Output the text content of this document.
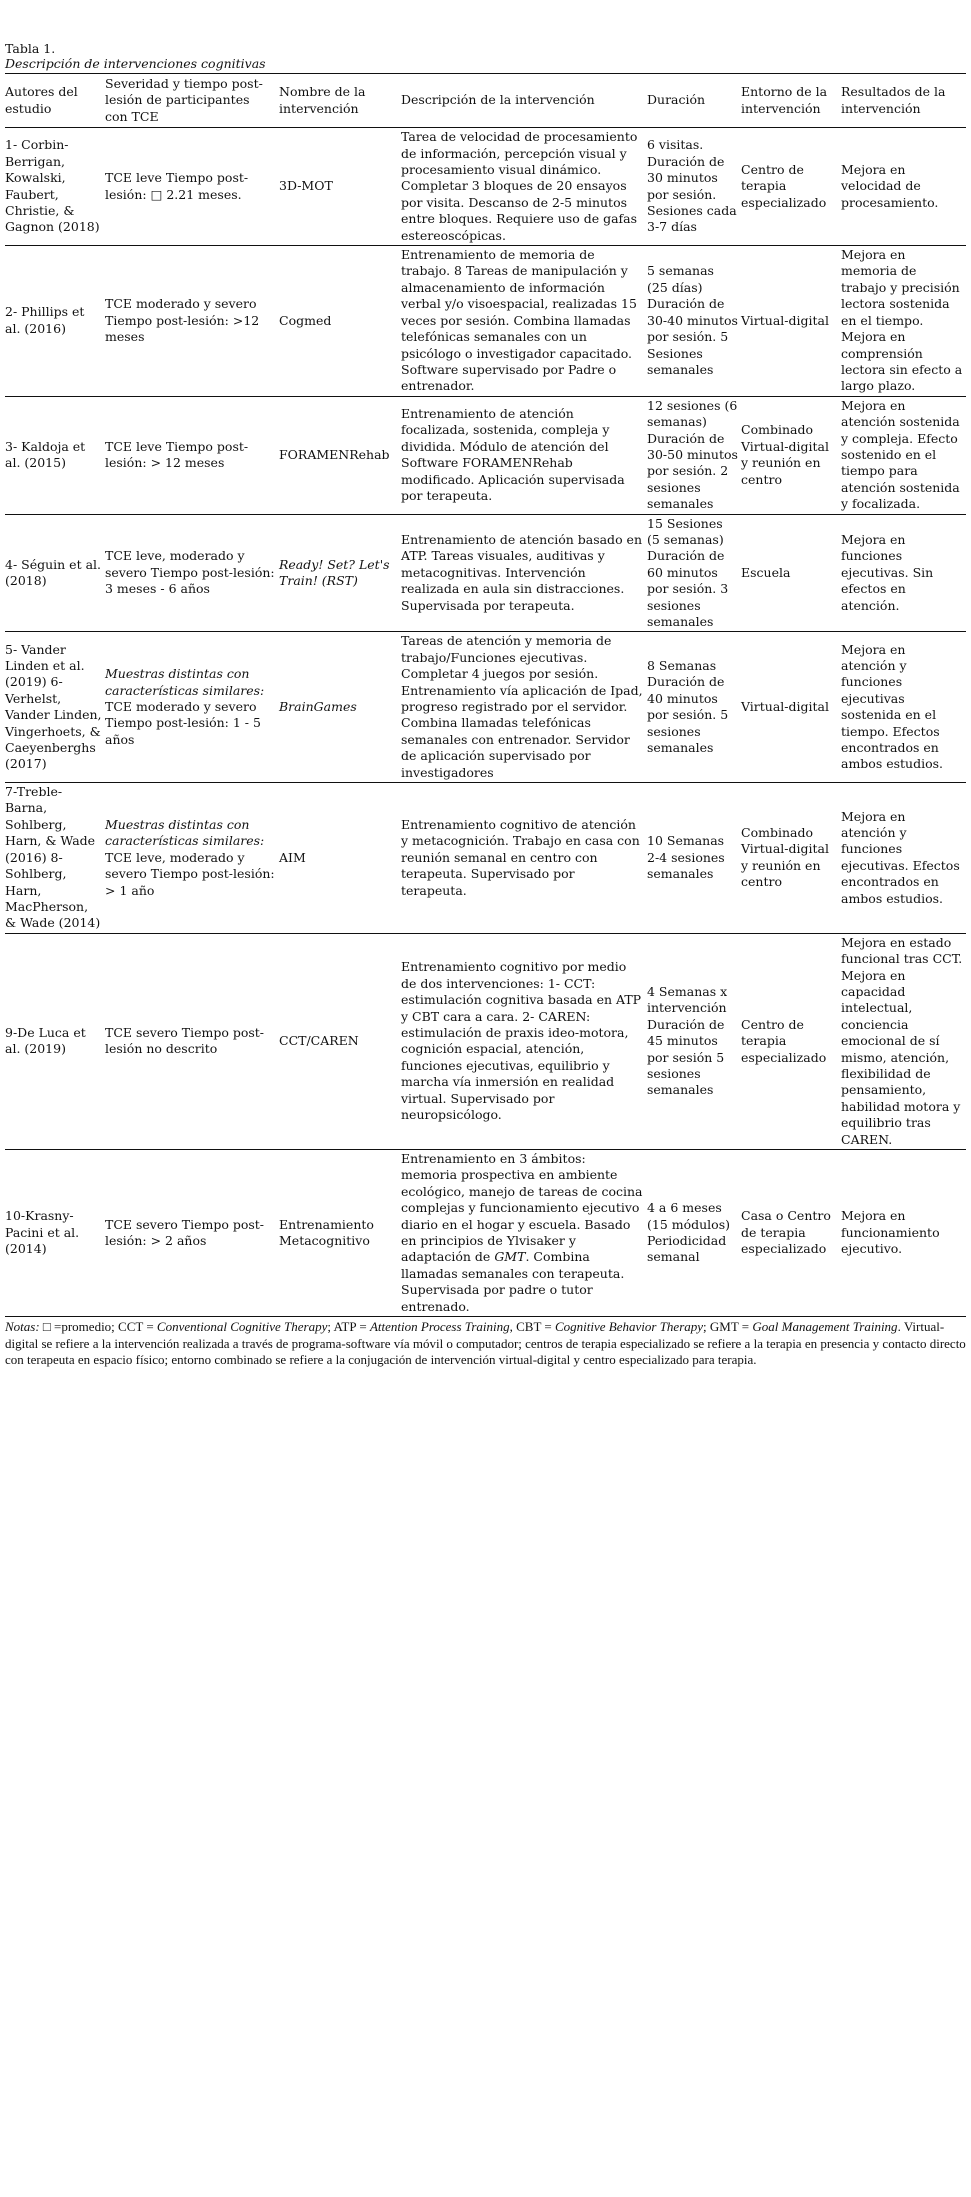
Tabla 1.

Descripción de intervenciones cognitivas

Autores del estudio	Severidad y tiempo post-lesión de participantes con TCE	Nombre de la intervención	Descripción de la intervención	Duración	Entorno de la intervención	Resultados de la intervención
1- Corbin-Berrigan, Kowalski, Faubert, Christie, & Gagnon (2018)	TCE leve Tiempo post-lesión: □ 2.21 meses.	3D-MOT	Tarea de velocidad de procesamiento de información, percepción visual y procesamiento visual dinámico. Completar 3 bloques de 20 ensayos por visita. Descanso de 2-5 minutos entre bloques. Requiere uso de gafas estereoscópicas.	6 visitas. Duración de 30 minutos por sesión. Sesiones cada 3-7 días	Centro de terapia especializado	Mejora en velocidad de procesamiento.
2- Phillips et al. (2016)	TCE moderado y severo Tiempo post-lesión: >12 meses	Cogmed	Entrenamiento de memoria de trabajo. 8 Tareas de manipulación y almacenamiento de información verbal y/o visoespacial, realizadas 15 veces por sesión. Combina llamadas telefónicas semanales con un psicólogo o investigador capacitado. Software supervisado por Padre o entrenador.	5 semanas (25 días) Duración de 30-40 minutos por sesión. 5 Sesiones semanales	Virtual-digital	Mejora en memoria de trabajo y precisión lectora sostenida en el tiempo. Mejora en comprensión lectora sin efecto a largo plazo.
3- Kaldoja et al. (2015)	TCE leve Tiempo post-lesión: > 12 meses	FORAMENRehab	Entrenamiento de atención focalizada, sostenida, compleja y dividida. Módulo de atención del Software FORAMENRehab modificado. Aplicación supervisada por terapeuta.	12 sesiones (6 semanas) Duración de 30-50 minutos por sesión. 2 sesiones semanales	Combinado Virtual-digital y reunión en centro	Mejora en atención sostenida y compleja. Efecto sostenido en el tiempo para atención sostenida y focalizada.
4- Séguin et al. (2018)	TCE leve, moderado y severo Tiempo post-lesión: 3 meses - 6 años	Ready! Set? Let's Train! (RST)	Entrenamiento de atención basado en ATP. Tareas visuales, auditivas y metacognitivas. Intervención realizada en aula sin distracciones. Supervisada por terapeuta.	15 Sesiones (5 semanas) Duración de 60 minutos por sesión. 3 sesiones semanales	Escuela	Mejora en funciones ejecutivas. Sin efectos en atención.
5- Vander Linden et al. (2019) 6- Verhelst, Vander Linden, Vingerhoets, & Caeyenberghs (2017)	Muestras distintas con características similares: TCE moderado y severo Tiempo post-lesión: 1 - 5 años	BrainGames	Tareas de atención y memoria de trabajo/Funciones ejecutivas. Completar 4 juegos por sesión. Entrenamiento vía aplicación de Ipad, progreso registrado por el servidor. Combina llamadas telefónicas semanales con entrenador. Servidor de aplicación supervisado por investigadores	8 Semanas Duración de 40 minutos por sesión. 5 sesiones semanales	Virtual-digital	Mejora en atención y funciones ejecutivas sostenida en el tiempo. Efectos encontrados en ambos estudios.
7-Treble-Barna, Sohlberg, Harn, & Wade (2016) 8-Sohlberg, Harn, MacPherson, & Wade (2014)	Muestras distintas con características similares: TCE leve, moderado y severo Tiempo post-lesión: > 1 año	AIM	Entrenamiento cognitivo de atención y metacognición. Trabajo en casa con reunión semanal en centro con terapeuta. Supervisado por terapeuta.	10 Semanas 2-4 sesiones semanales	Combinado Virtual-digital y reunión en centro	Mejora en atención y funciones ejecutivas. Efectos encontrados en ambos estudios.
9-De Luca et al. (2019)	TCE severo Tiempo post-lesión no descrito	CCT/CAREN	Entrenamiento cognitivo por medio de dos intervenciones: 1- CCT: estimulación cognitiva basada en ATP y CBT cara a cara. 2- CAREN: estimulación de praxis ideo-motora, cognición espacial, atención, funciones ejecutivas, equilibrio y marcha vía inmersión en realidad virtual. Supervisado por neuropsicólogo.	4 Semanas x intervención Duración de 45 minutos por sesión 5 sesiones semanales	Centro de terapia especializado	Mejora en estado funcional tras CCT. Mejora en capacidad intelectual, conciencia emocional de sí mismo, atención, flexibilidad de pensamiento, habilidad motora y equilibrio tras CAREN.
10-Krasny-Pacini et al. (2014)	TCE severo Tiempo post-lesión: > 2 años	Entrenamiento Metacognitivo	Entrenamiento en 3 ámbitos: memoria prospectiva en ambiente ecológico, manejo de tareas de cocina complejas y funcionamiento ejecutivo diario en el hogar y escuela. Basado en principios de Ylvisaker y adaptación de GMT. Combina llamadas semanales con terapeuta. Supervisada por padre o tutor entrenado.	4 a 6 meses (15 módulos) Periodicidad semanal	Casa o Centro de terapia especializado	Mejora en funcionamiento ejecutivo.

Notas: □ =promedio; CCT = Conventional Cognitive Therapy; ATP = Attention Process Training, CBT = Cognitive Behavior Therapy; GMT = Goal Management Training. Virtual-digital se refiere a la intervención realizada a través de programa-software vía móvil o computador; centros de terapia especializado se refiere a la terapia en presencia y contacto directo con terapeuta en espacio físico; entorno combinado se refiere a la conjugación de intervención virtual-digital y centro especializado para terapia.
